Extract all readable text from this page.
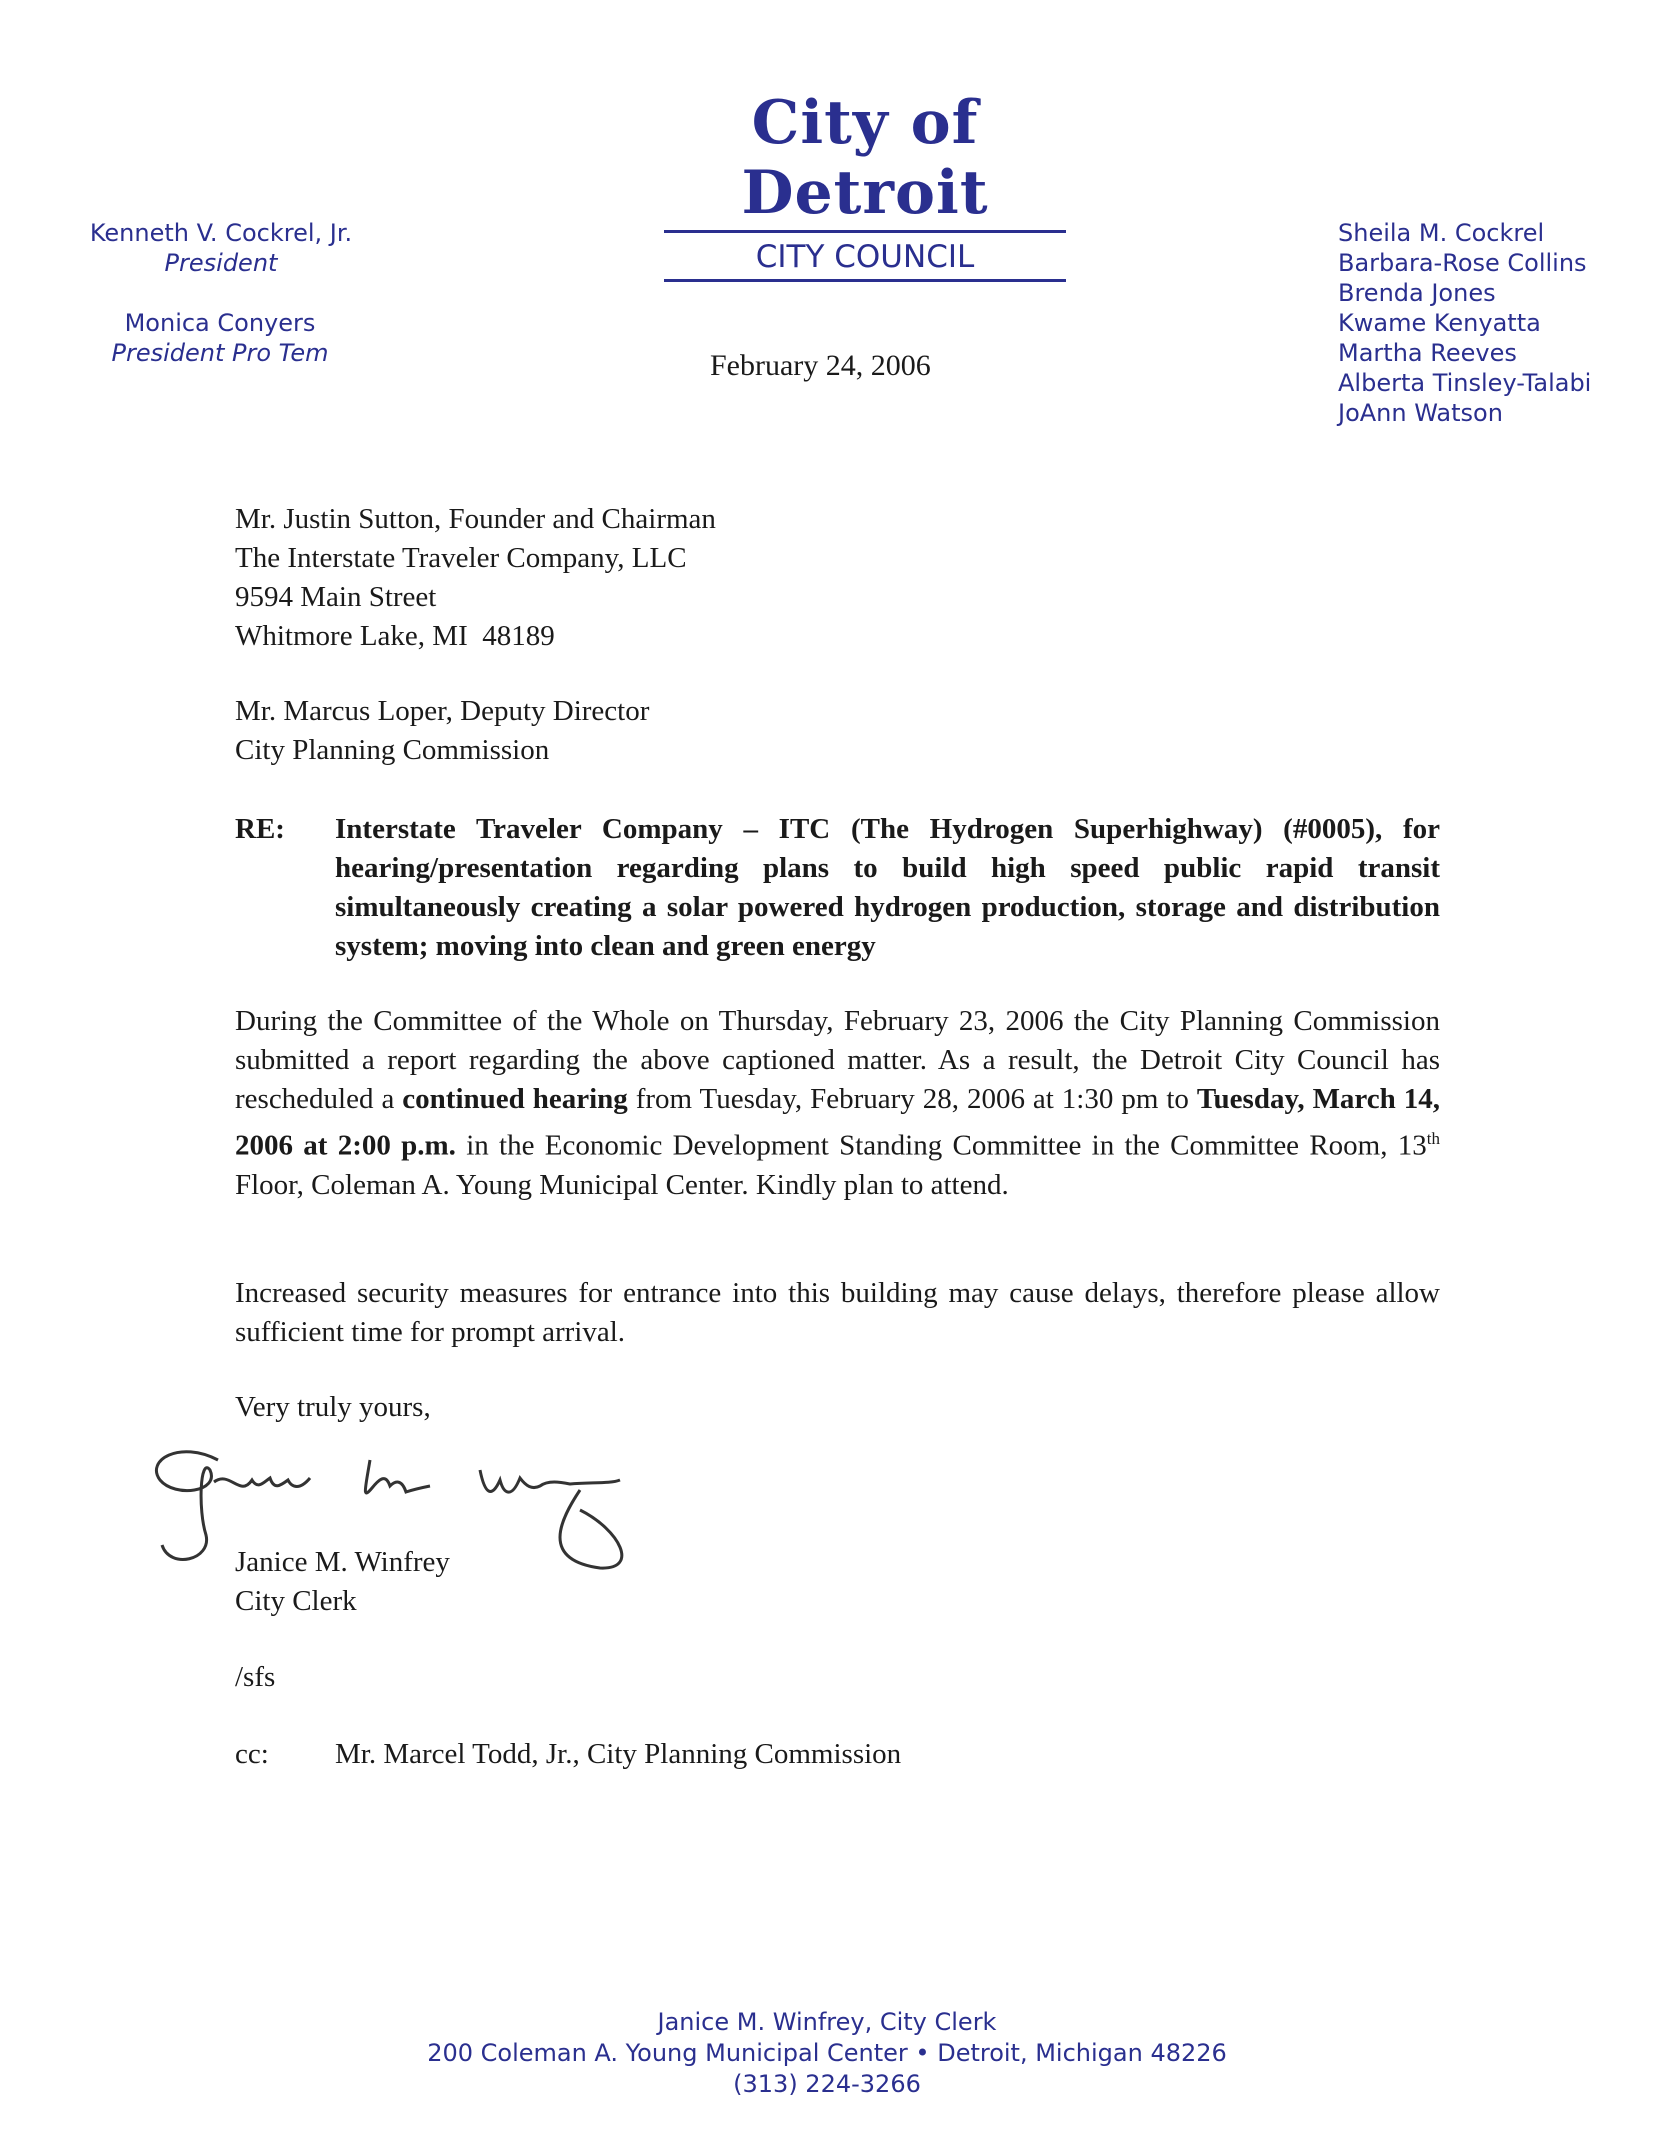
City of Detroit
CITY COUNCIL
Kenneth V. Cockrel, Jr.
President
Monica Conyers
President Pro Tem
Sheila M. Cockrel
Barbara-Rose Collins
Brenda Jones
Kwame Kenyatta
Martha Reeves
Alberta Tinsley-Talabi
JoAnn Watson
February 24, 2006
Mr. Justin Sutton, Founder and Chairman
The Interstate Traveler Company, LLC
9594 Main Street
Whitmore Lake, MI  48189
Mr. Marcus Loper, Deputy Director
City Planning Commission
RE: Interstate Traveler Company – ITC (The Hydrogen Superhighway) (#0005), for hearing/presentation regarding plans to build high speed public rapid transit simultaneously creating a solar powered hydrogen production, storage and distribution system; moving into clean and green energy
During the Committee of the Whole on Thursday, February 23, 2006 the City Planning Commission submitted a report regarding the above captioned matter. As a result, the Detroit City Council has rescheduled a continued hearing from Tuesday, February 28, 2006 at 1:30 pm to Tuesday, March 14, 2006 at 2:00 p.m. in the Economic Development Standing Committee in the Committee Room, 13th Floor, Coleman A. Young Municipal Center. Kindly plan to attend.
Increased security measures for entrance into this building may cause delays, therefore please allow sufficient time for prompt arrival.
Very truly yours,
Janice M. Winfrey
City Clerk
/sfs
cc: Mr. Marcel Todd, Jr., City Planning Commission
Janice M. Winfrey, City Clerk
200 Coleman A. Young Municipal Center • Detroit, Michigan 48226
(313) 224-3266
